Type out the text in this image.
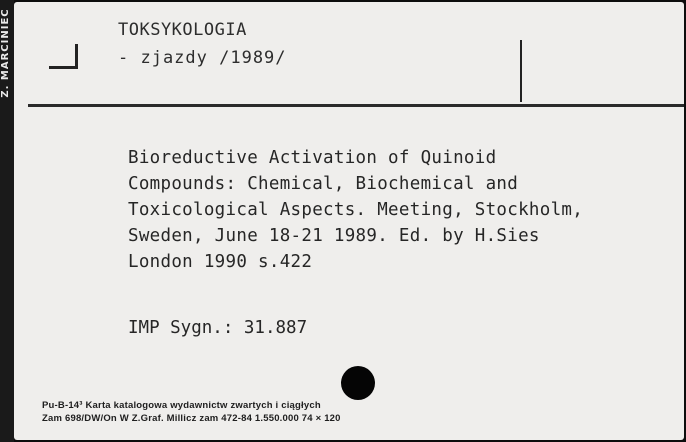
Z. MARCINIEC	TOKSYKOLOGIA
- zjazdy /1989/
Bioreductive Activation of Quinoid
Compounds: Chemical, Biochemical and
Toxicological Aspects. Meeting, Stockholm,
Sweden, June 18-21 1989. Ed. by H.Sies
London 1990 s.422
IMP Sygn.: 31.887
Pu-B-14³ Karta katalogowa wydawnictw zwartych i ciągłych
Zam 698/DW/On W Z.Graf. Millicz zam 472-84 1.550.000 74 × 120
